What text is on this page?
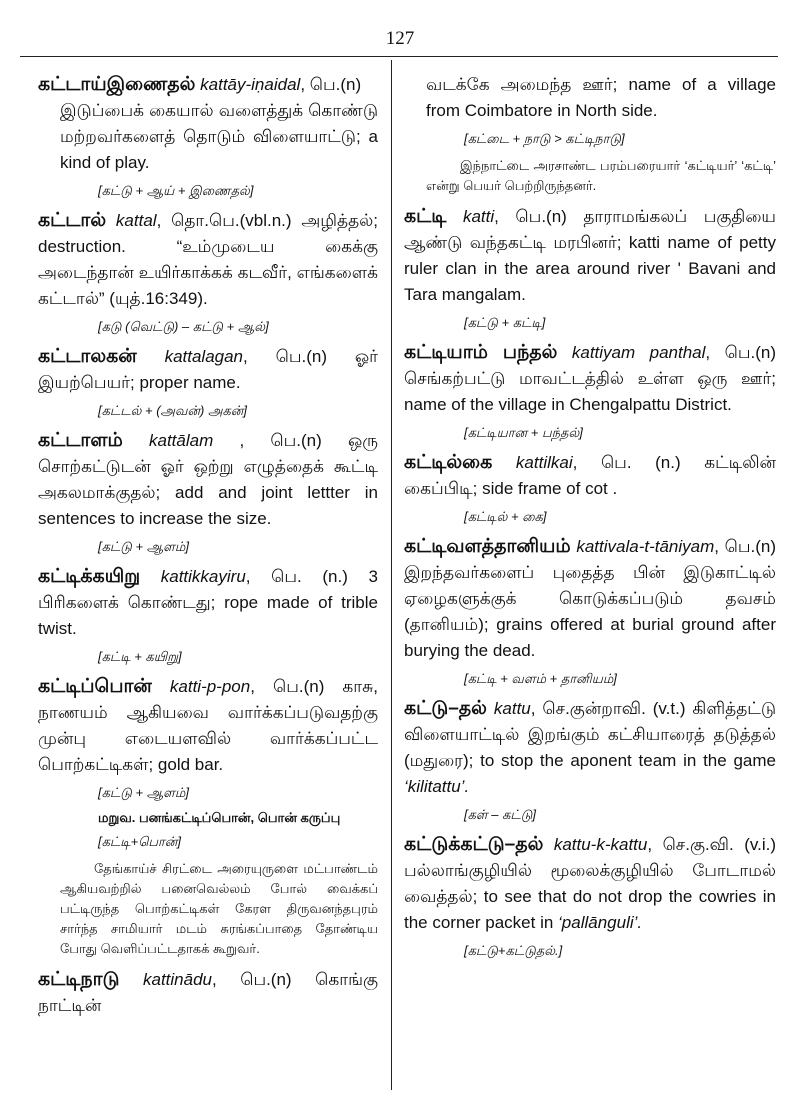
127
கட்டாய்இணைதல் kattāy-iṇaidal, பெ.(n)
இடுப்பைக் கையால் வளைத்துக் கொண்டு மற்றவர்களைத் தொடும் விளையாட்டு; a kind of play.
[கட்டு + ஆய் + இணைதல்]
கட்டால் kattal, தொ.பெ.(vbl.n.) அழித்தல்; destruction. “உம்முடைய கைக்கு அடைந்தான் உயிர்காக்கக் கடவீர், எங்களைக் கட்டால்” (யுத்.16:349).
[கடு (வெட்டு) – கட்டு + ஆல்]
கட்டாலகன் kattalagan, பெ.(n) ஓர் இயற்பெயர்; proper name.
[கட்டல் + (அவன்) அகன்]
கட்டாளம் kattālam , பெ.(n) ஒரு சொற்கட்டுடன் ஓர் ஒற்று எழுத்தைக் கூட்டி அகலமாக்குதல்; add and joint lettter in sentences to increase the size.
[கட்டு + ஆளம்]
கட்டிக்கயிறு kattikkayiru, பெ. (n.) 3 பிரிகளைக் கொண்டது; rope made of trible twist.
[கட்டி + கயிறு]
கட்டிப்பொன் katti-p-pon, பெ.(n) காசு, நாணயம் ஆகியவை வார்க்கப்படுவதற்கு முன்பு எடையளவில் வார்க்கப்பட்ட பொற்கட்டிகள்; gold bar.
[கட்டு + ஆளம்]
மறுவ. பனங்கட்டிப்பொன், பொன் கருப்பு
[கட்டி+பொன்]
தேங்காய்ச் சிரட்டை அரையுருளை மட்பாண்டம் ஆகியவற்றில் பனைவெல்லம் போல் வைக்கப் பட்டிருந்த பொற்கட்டிகள் கேரள திருவனந்தபுரம் சார்ந்த சாமியார் மடம் சுரங்கப்பாதை தோண்டிய போது வெளிப்பட்டதாகக் கூறுவர்.
கட்டிநாடு kattinādu, பெ.(n) கொங்கு நாட்டின்
வடக்கே அமைந்த ஊர்; name of a village from Coimbatore in North side.
[கட்டை + நாடு > கட்டிநாடு]
இந்நாட்டை அரசாண்ட பரம்பரையார் ‘கட்டியர்’ ‘கட்டி’ என்று பெயர் பெற்றிருந்தனர்.
கட்டி katti, பெ.(n) தாராமங்கலப் பகுதியை ஆண்டு வந்தகட்டி மரபினர்; katti name of petty ruler clan in the area around river ' Bavani and Tara mangalam.
[கட்டு + கட்டி]
கட்டியாம் பந்தல் kattiyam panthal, பெ.(n) செங்கற்பட்டு மாவட்டத்தில் உள்ள ஒரு ஊர்; name of the village in Chengalpattu District.
[கட்டியான + பந்தல்]
கட்டில்கை kattilkai, பெ. (n.) கட்டிலின் கைப்பிடி; side frame of cot .
[கட்டில் + கை]
கட்டிவளத்தானியம் kattivala-t-tāniyam, பெ.(n) இறந்தவர்களைப் புதைத்த பின் இடுகாட்டில் ஏழைகளுக்குக் கொடுக்கப்படும் தவசம் (தானியம்); grains offered at burial ground after burying the dead.
[கட்டி + வளம் + தானியம்]
கட்டு–தல் kattu, செ.குன்றாவி. (v.t.) கிளித்தட்டு விளையாட்டில் இறங்கும் கட்சியாரைத் தடுத்தல் (மதுரை); to stop the aponent team in the game ‘kilitattu’.
[கள் – கட்டு]
கட்டுக்கட்டு–தல் kattu-k-kattu, செ.கு.வி. (v.i.) பல்லாங்குழியில் மூலைக்குழியில் போடாமல் வைத்தல்; to see that do not drop the cowries in the corner packet in ‘pallānguli’.
[கட்டு+கட்டுதல்.]
